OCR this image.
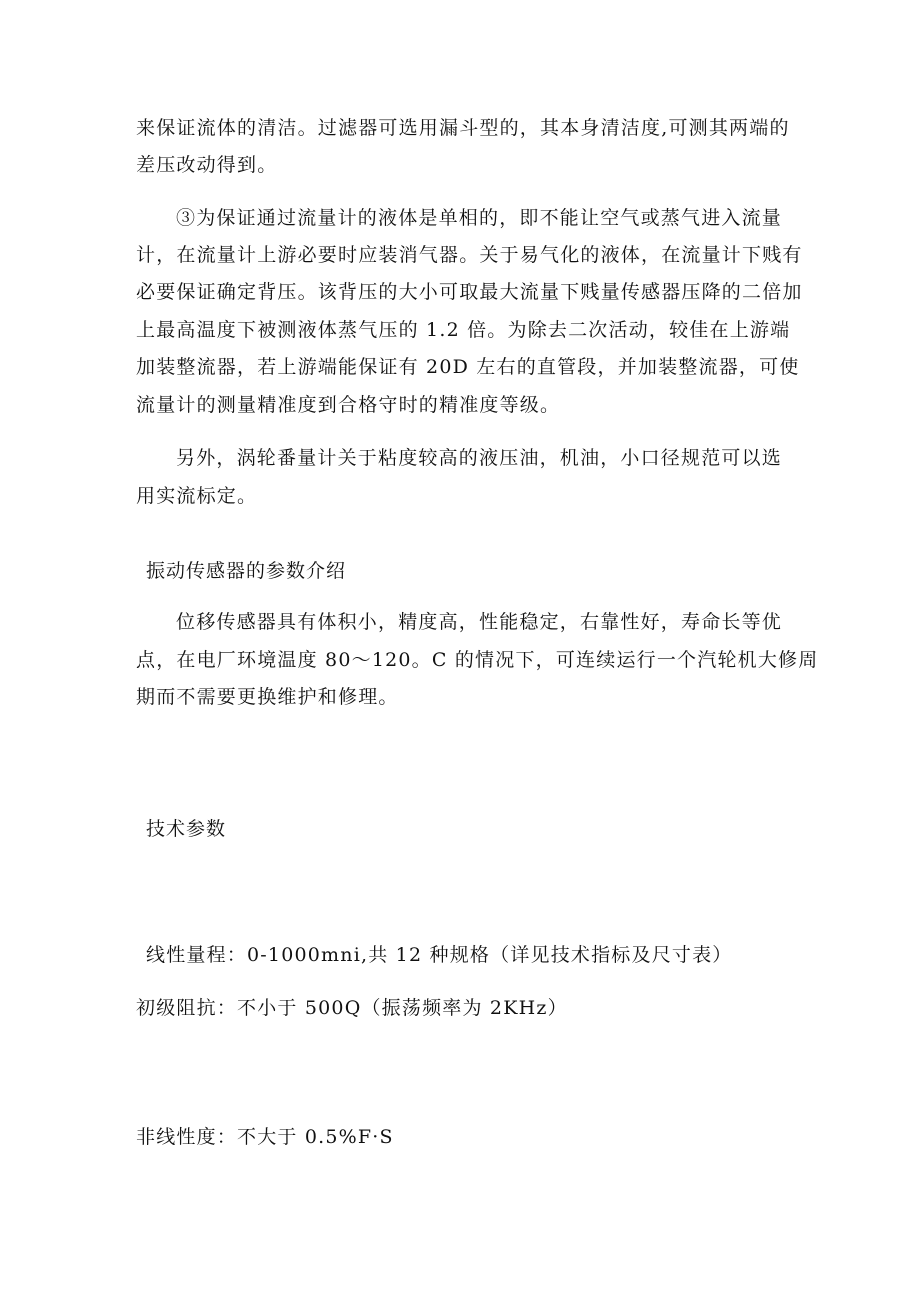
来保证流体的清洁。过滤器可选用漏斗型的，其本身清洁度,可测其两端的
差压改动得到。
③为保证通过流量计的液体是单相的，即不能让空气或蒸气进入流量
计，在流量计上游必要时应装消气器。关于易气化的液体，在流量计下贱有
必要保证确定背压。该背压的大小可取最大流量下贱量传感器压降的二倍加
上最高温度下被测液体蒸气压的 1.2 倍。为除去二次活动，较佳在上游端
加装整流器，若上游端能保证有 20D 左右的直管段，并加装整流器，可使
流量计的测量精准度到合格守时的精准度等级。
另外，涡轮番量计关于粘度较高的液压油，机油，小口径规范可以选
用实流标定。
振动传感器的参数介绍
位移传感器具有体积小，精度高，性能稳定，右靠性好，寿命长等优
点，在电厂环境温度 80～120。C 的情况下，可连续运行一个汽轮机大修周
期而不需要更换维护和修理。
技术参数
线性量程：0-1000mni,共 12 种规格（详见技术指标及尺寸表）
初级阻抗：不小于 500Q（振荡频率为 2KHz）
非线性度：不大于 0.5%F·S
